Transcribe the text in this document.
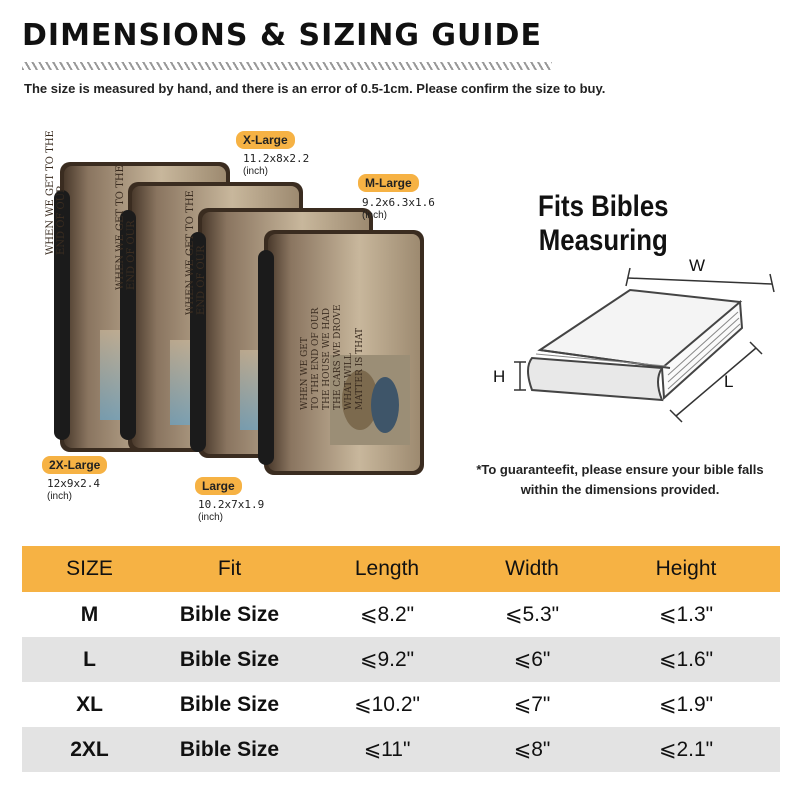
DIMENSIONS & SIZING GUIDE
The size is measured by hand, and there is an error of 0.5-1cm. Please confirm the size to buy.
WHEN WE GET TO THE END OF OUR	WHEN WE GET TO THE END OF OUR	WHEN WE GET TO THE END OF OUR
WHEN WE GET TO THE END OF OUR THE HOUSE WE HAD THE CARS WE DROVE WHAT WILL MATTER IS THAT
X-Large
11.2x8x2.2
(inch)
M-Large
9.2x6.3x1.6
(inch)
2X-Large
12x9x2.4
(inch)
Large
10.2x7x1.9
(inch)
Fits Bibles Measuring
W
H	L
*To guaranteefit, please ensure your bible falls within the dimensions provided.
SIZE	Fit	Length	Width	Height
M	Bible Size	⩽8.2"	⩽5.3"	⩽1.3"
L	Bible Size	⩽9.2"	⩽6"	⩽1.6"
XL	Bible Size	⩽10.2"	⩽7"	⩽1.9"
2XL	Bible Size	⩽11"	⩽8"	⩽2.1"
